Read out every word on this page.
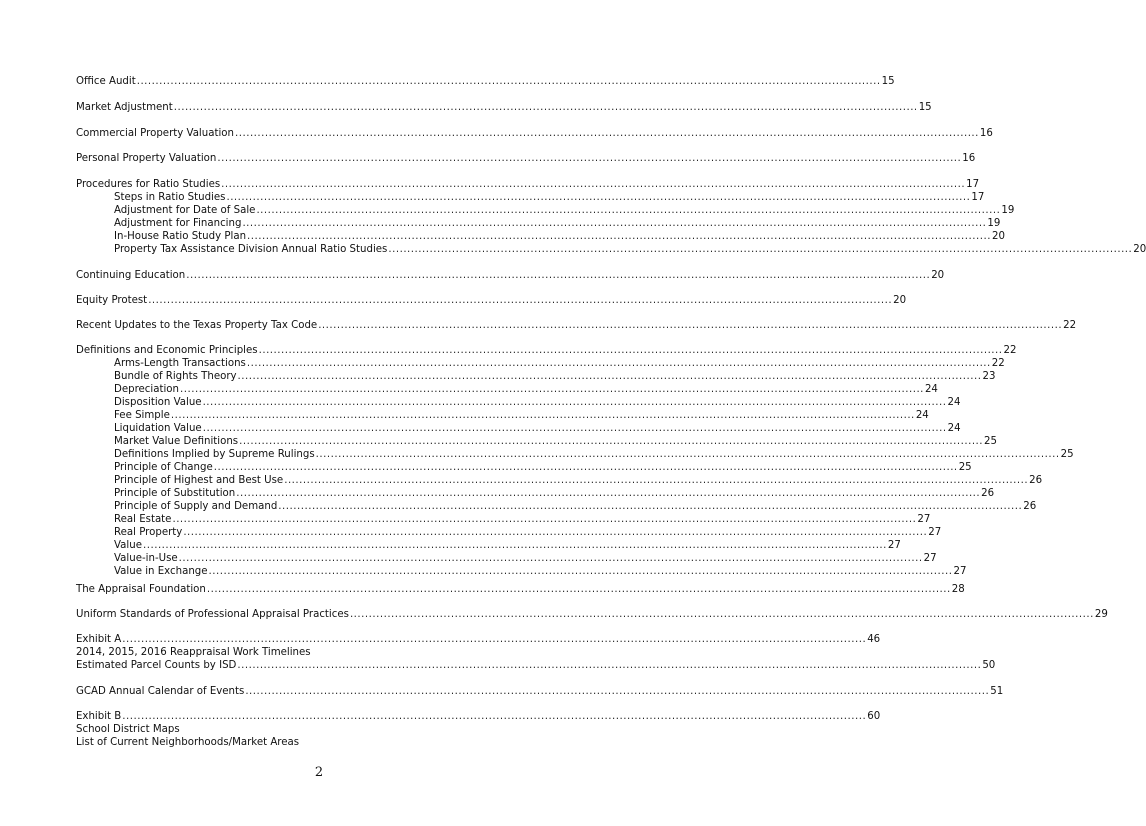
Office Audit .....	15
Market Adjustment .....	15
Commercial Property Valuation .....	16
Personal Property Valuation .....	16
Procedures for Ratio Studies .....	17
Steps in Ratio Studies .....	17
Adjustment for Date of Sale .....	19
Adjustment for Financing .....	19
In-House Ratio Study Plan .....	20
Property Tax Assistance Division Annual Ratio Studies .....	20
Continuing Education .....	20
Equity Protest .....	20
Recent Updates to the Texas Property Tax Code .....	22
Definitions and Economic Principles .....	22
Arms-Length Transactions .....	22
Bundle of Rights Theory .....	23
Depreciation .....	24
Disposition Value .....	24
Fee Simple .....	24
Liquidation Value .....	24
Market Value Definitions .....	25
Definitions Implied by Supreme Rulings .....	25
Principle of Change .....	25
Principle of Highest and Best Use .....	26
Principle of Substitution .....	26
Principle of Supply and Demand .....	26
Real Estate .....	27
Real Property .....	27
Value .....	27
Value-in-Use .....	27
Value in Exchange .....	27
The Appraisal Foundation .....	28
Uniform Standards of Professional Appraisal Practices .....	29
Exhibit A .....	46
2014, 2015, 2016 Reappraisal Work Timelines
Estimated Parcel Counts by ISD .....	50
GCAD Annual Calendar of Events .....	51
Exhibit B .....	60
School District Maps
List of Current Neighborhoods/Market Areas
2
